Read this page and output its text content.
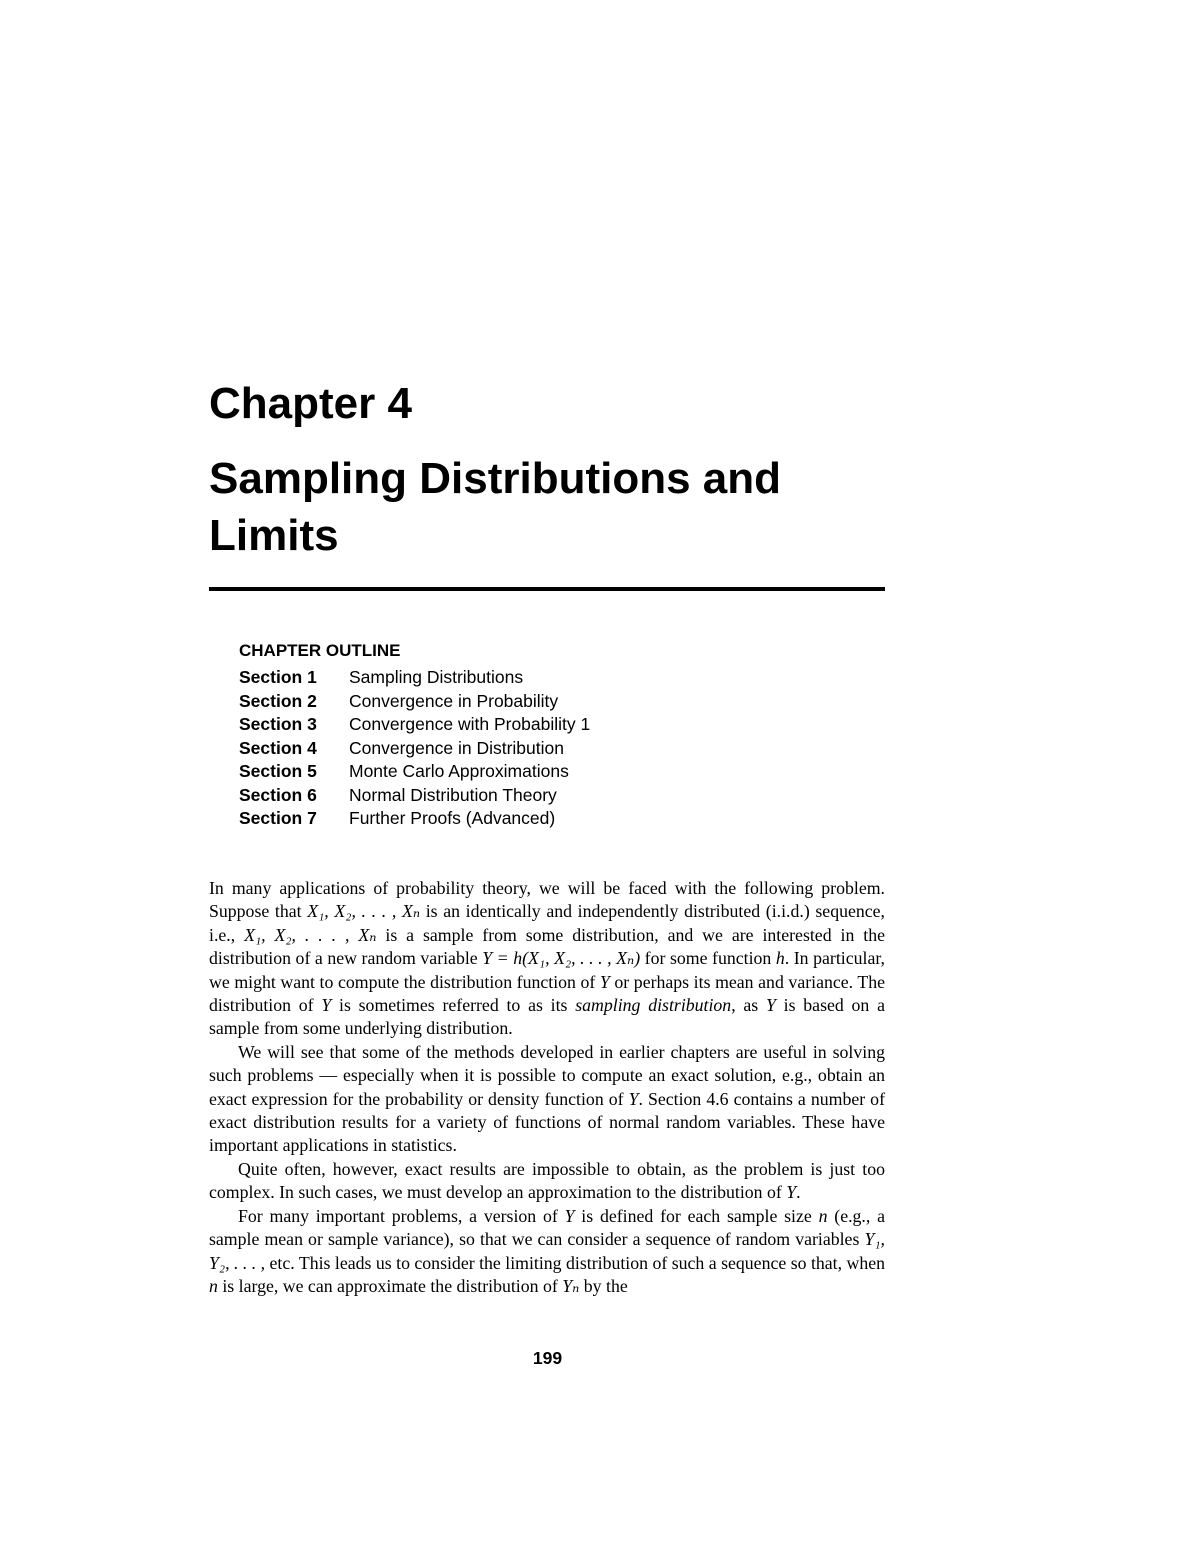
Chapter 4
Sampling Distributions and Limits
CHAPTER OUTLINE
Section 1	Sampling Distributions
Section 2	Convergence in Probability
Section 3	Convergence with Probability 1
Section 4	Convergence in Distribution
Section 5	Monte Carlo Approximations
Section 6	Normal Distribution Theory
Section 7	Further Proofs (Advanced)

In many applications of probability theory, we will be faced with the following problem. Suppose that X₁, X₂, . . . , Xₙ is an identically and independently distributed (i.i.d.) sequence, i.e., X₁, X₂, . . . , Xₙ is a sample from some distribution, and we are interested in the distribution of a new random variable Y = h(X₁, X₂, . . . , Xₙ) for some function h. In particular, we might want to compute the distribution function of Y or perhaps its mean and variance. The distribution of Y is sometimes referred to as its sampling distribution, as Y is based on a sample from some underlying distribution.

We will see that some of the methods developed in earlier chapters are useful in solving such problems — especially when it is possible to compute an exact solution, e.g., obtain an exact expression for the probability or density function of Y. Section 4.6 contains a number of exact distribution results for a variety of functions of normal random variables. These have important applications in statistics.

Quite often, however, exact results are impossible to obtain, as the problem is just too complex. In such cases, we must develop an approximation to the distribution of Y.

For many important problems, a version of Y is defined for each sample size n (e.g., a sample mean or sample variance), so that we can consider a sequence of random variables Y₁, Y₂, . . . , etc. This leads us to consider the limiting distribution of such a sequence so that, when n is large, we can approximate the distribution of Yₙ by the

199
